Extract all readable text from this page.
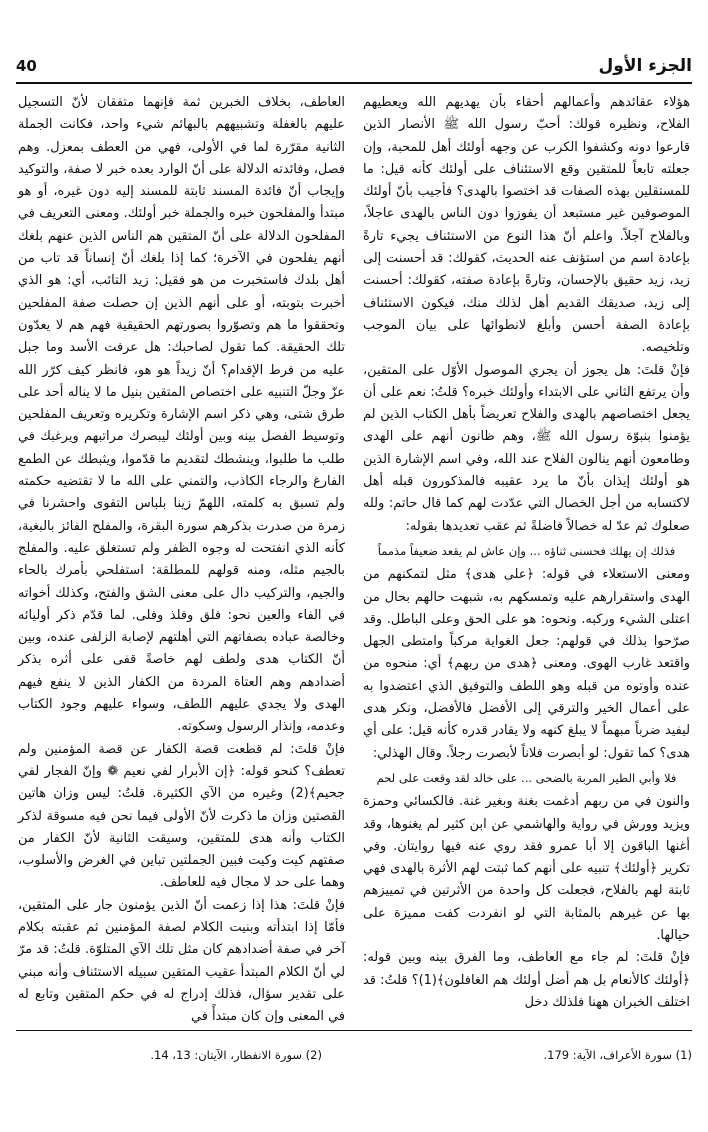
الجزء الأول
40

هؤلاء عقائدهم وأعمالهم أحقاء بأن يهديهم الله ويعطيهم الفلاح، ونظيره قولك: أحبّ رسول الله ﷺ الأنصار الذين قارعوا دونه وكشفوا الكرب عن وجهه أولئك أهل للمحبة، وإن جعلته تابعاً للمتقين وقع الاستئناف على أولئك كأنه قيل: ما للمستقلين بهذه الصفات قد اختصوا بالهدى؟ فأجيب بأنّ أولئك الموصوفين غير مستبعد أن يفوزوا دون الناس بالهدى عاجلاً، وبالفلاح آجلاً. واعلم أنّ هذا النوع من الاستئناف يجيء تارةً بإعادة اسم من استؤنف عنه الحديث، كقولك: قد أحسنت إلى زيد، زيد حقيق بالإحسان، وتارةً بإعادة صفته، كقولك: أحسنت إلى زيد، صديقك القديم أهل لذلك منك، فيكون الاستئناف بإعادة الصفة أحسن وأبلغ لانطوائها على بيان الموجب وتلخيصه.

فإنْ قلتَ: هل يجوز أن يجري الموصول الأوّل على المتقين، وأن يرتفع الثاني على الابتداء وأولئك خبره؟ قلتُ: نعم على أن يجعل اختصاصهم بالهدى والفلاح تعريضاً بأهل الكتاب الذين لم يؤمنوا بنبوّة رسول الله ﷺ، وهم ظانون أنهم على الهدى وطامعون أنهم ينالون الفلاح عند الله، وفي اسم الإشارة الذين هو أولئك إيذان بأنّ ما يرد عقيبه فالمذكورون قبله أهل لاكتسابه من أجل الخصال التي عدّدت لهم كما قال حاتم: ولله صعلوك ثم عدّ له خصالاً فاضلةً ثم عقب تعديدها بقوله:

فذلك إن يهلك فحسنى ثناؤه ... وإن عاش لم يقعد ضعيفاً مذمماً

ومعنى الاستعلاء في قوله: ﴿على هدى﴾ مثل لتمكنهم من الهدى واستقرارهم عليه وتمسكهم به، شبهت حالهم بحال من اعتلى الشيء وركبه. ونحوه: هو على الحق وعلى الباطل. وقد صرّحوا بذلك في قولهم: جعل الغواية مركباً وامتطى الجهل واقتعد غارب الهوى. ومعنى ﴿هدى من ربهم﴾ أي: منحوه من عنده وأوتوه من قبله وهو اللطف والتوفيق الذي اعتضدوا به على أعمال الخير والترقي إلى الأفضل فالأفضل، ونكر هدى ليفيد ضرباً مبهماً لا يبلغ كنهه ولا يقادر قدره كأنه قيل: على أي هدى؟ كما تقول: لو أبصرت فلاناً لأبصرت رجلاً. وقال الهذلي:

فلا وأبي الطير المربة بالضحى ... على خالد لقد وقعت على لحم

والنون في من ربهم أدغمت بغنة وبغير غنة. فالكسائي وحمزة ويزيد وورش في رواية والهاشمي عن ابن كثير لم يغنوها، وقد أغنها الباقون إلا أبا عمرو فقد روي عنه فيها روايتان. وفي تكرير ﴿أولئك﴾ تنبيه على أنهم كما ثبتت لهم الأثرة بالهدى فهي ثابتة لهم بالفلاح، فجعلت كل واحدة من الأثرتين في تمييزهم بها عن غيرهم بالمثابة التي لو انفردت كفت مميزة على حيالها.

فإنْ قلتَ: لم جاء مع العاطف، وما الفرق بينه وبين قوله: ﴿أولئك كالأنعام بل هم أضل أولئك هم الغافلون﴾(1)؟ قلتُ: قد اختلف الخبران ههنا فلذلك دخل

العاطف، بخلاف الخبرين ثمة فإنهما متفقان لأنّ التسجيل عليهم بالغفلة وتشبيههم بالبهائم شيء واحد، فكانت الجملة الثانية مقرّرة لما في الأولى، فهي من العطف بمعزل. وهم فصل، وفائدته الدلالة على أنّ الوارد بعده خبر لا صفة، والتوكيد وإيجاب أنّ فائدة المسند ثابتة للمسند إليه دون غيره، أو هو مبتدأ والمفلحون خبره والجملة خبر أولئك. ومعنى التعريف في المفلحون الدلالة على أنّ المتقين هم الناس الذين عنهم بلغك أنهم يفلحون في الآخرة؛ كما إذا بلغك أنّ إنساناً قد تاب من أهل بلدك فاستخبرت من هو فقيل: زيد التائب، أي: هو الذي أخبرت بتوبته، أو على أنهم الذين إن حصلت صفة المفلحين وتحققوا ما هم وتصوّروا بصورتهم الحقيقية فهم هم لا يعدّون تلك الحقيقة. كما تقول لصاحبك: هل عرفت الأسد وما جبل عليه من فرط الإقدام؟ أنّ زيداً هو هو، فانظر كيف كرّر الله عزّ وجلّ التنبيه على اختصاص المتقين بنيل ما لا يناله أحد على طرق شتى، وهي ذكر اسم الإشارة وتكريره وتعريف المفلحين وتوسيط الفصل بينه وبين أولئك ليبصرك مراتبهم ويرغبك في طلب ما طلبوا، وينشطك لتقديم ما قدّموا، ويثبطك عن الطمع الفارغ والرجاء الكاذب، والتمني على الله ما لا تقتضيه حكمته ولم تسبق به كلمته، اللهمّ زينا بلباس التقوى واحشرنا في زمرة من صدرت بذكرهم سورة البقرة، والمفلح الفائز بالبغية، كأنه الذي انفتحت له وجوه الظفر ولم تستغلق عليه. والمفلج بالجيم مثله، ومنه قولهم للمطلقة: استفلحي بأمرك بالحاء والجيم، والتركيب دال على معنى الشق والفتح، وكذلك أخواته في الفاء والعين نحو: فلق وفلذ وفلى. لما قدّم ذكر أوليائه وخالصة عباده بصفاتهم التي أهلتهم لإصابة الزلفى عنده، وبين أنّ الكتاب هدى ولطف لهم خاصةً قفى على أثره بذكر أضدادهم وهم العتاة المردة من الكفار الذين لا ينفع فيهم الهدى ولا يجدي عليهم اللطف، وسواء عليهم وجود الكتاب وعدمه، وإنذار الرسول وسكوته.

فإنْ قلتَ: لم قطعت قصة الكفار عن قصة المؤمنين ولم تعطف؟ كنحو قوله: ﴿إن الأبرار لفي نعيم ❁ وإنّ الفجار لفي جحيم﴾(2) وغيره من الآي الكثيرة. قلتُ: ليس وزان هاتين القصتين وزان ما ذكرت لأنّ الأولى فيما نحن فيه مسوقة لذكر الكتاب وأنه هدى للمتقين، وسيقت الثانية لأنّ الكفار من صفتهم كيت وكيت فبين الجملتين تباين في الغرض والأسلوب، وهما على حد لا مجال فيه للعاطف.

فإنْ قلتَ: هذا إذا زعمت أنّ الذين يؤمنون جار على المتقين، فأمّا إذا ابتدأته وبنيت الكلام لصفة المؤمنين ثم عقبته بكلام آخر في صفة أضدادهم كان مثل تلك الآي المتلوّة. قلتُ: قد مرّ لي أنّ الكلام المبتدأ عقيب المتقين سبيله الاستئناف وأنه مبني على تقدير سؤال، فذلك إدراج له في حكم المتقين وتابع له في المعنى وإن كان مبتدأً في

(1) سورة الأعراف، الآية: 179.
(2) سورة الانفطار، الآيتان: 13، 14.
